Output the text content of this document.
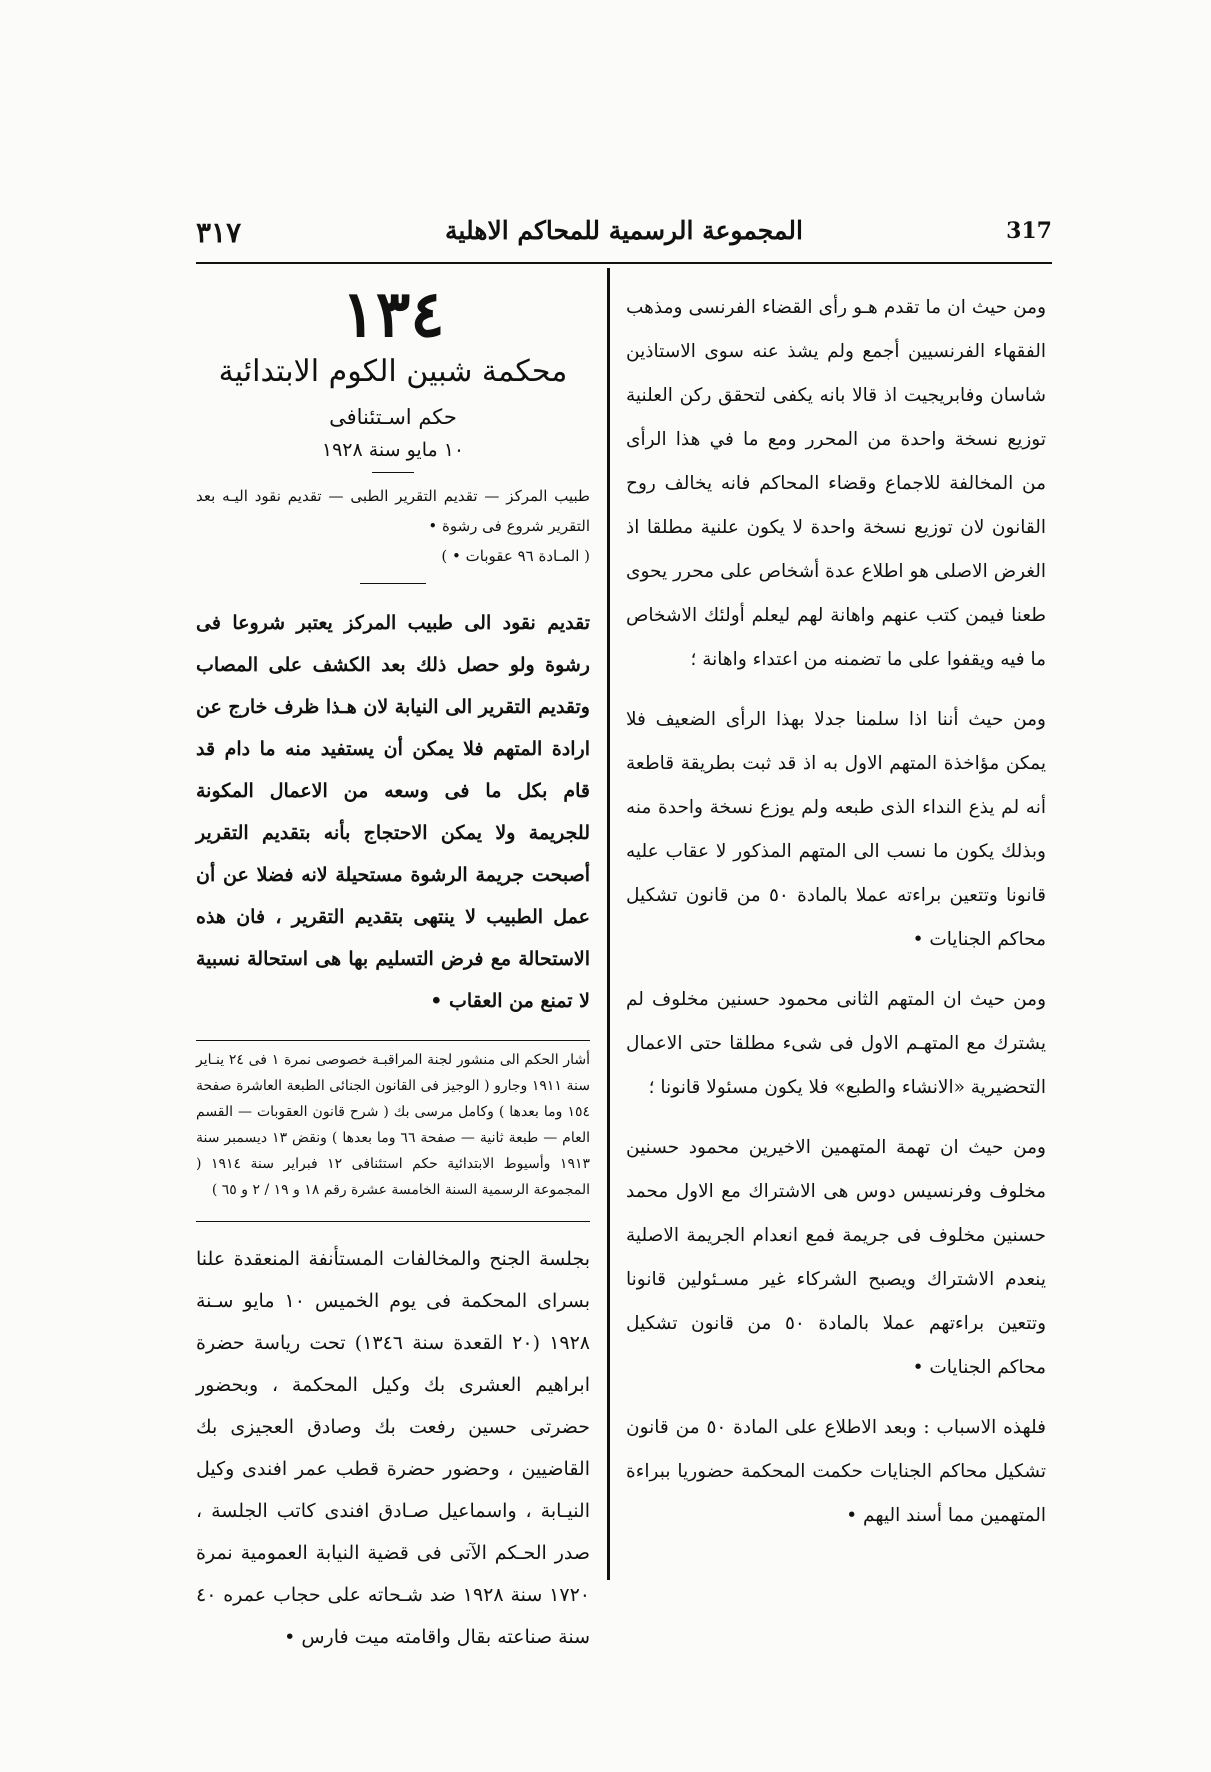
٣١٧	المجموعة الرسمية للمحاكم الاهلية	317

ومن حيث ان ما تقدم هـو رأى القضاء الفرنسى ومذهب الفقهاء الفرنسيين أجمع ولم يشذ عنه سوى الاستاذين شاسان وفابريجيت اذ قالا بانه يكفى لتحقق ركن العلنية توزيع نسخة واحدة من المحرر ومع ما في هذا الرأى من المخالفة للاجماع وقضاء المحاكم فانه يخالف روح القانون لان توزيع نسخة واحدة لا يكون علنية مطلقا اذ الغرض الاصلى هو اطلاع عدة أشخاص على محرر يحوى طعنا فيمن كتب عنهم واهانة لهم ليعلم أولئك الاشخاص ما فيه ويقفوا على ما تضمنه من اعتداء واهانة ؛

ومن حيث أننا اذا سلمنا جدلا بهذا الرأى الضعيف فلا يمكن مؤاخذة المتهم الاول به اذ قد ثبت بطريقة قاطعة أنه لم يذع النداء الذى طبعه ولم يوزع نسخة واحدة منه وبذلك يكون ما نسب الى المتهم المذكور لا عقاب عليه قانونا وتتعين براءته عملا بالمادة ٥٠ من قانون تشكيل محاكم الجنايات •

ومن حيث ان المتهم الثانى محمود حسنين مخلوف لم يشترك مع المتهـم الاول فى شىء مطلقا حتى الاعمال التحضيرية «الانشاء والطبع» فلا يكون مسئولا قانونا ؛

ومن حيث ان تهمة المتهمين الاخيرين محمود حسنين مخلوف وفرنسيس دوس هى الاشتراك مع الاول محمد حسنين مخلوف فى جريمة فمع انعدام الجريمة الاصلية ينعدم الاشتراك ويصبح الشركاء غير مسـئولين قانونا وتتعين براءتهم عملا بالمادة ٥٠ من قانون تشكيل محاكم الجنايات •

فلهذه الاسباب : وبعد الاطلاع على المادة ٥٠ من قانون تشكيل محاكم الجنايات حكمت المحكمة حضوريا ببراءة المتهمين مما أسند اليهم •

١٣٤
محكمة شبين الكوم الابتدائية
حكم اسـتئنافى
١٠ مايو سنة ١٩٢٨

طبيب المركز — تقديم التقرير الطبى — تقديم نقود اليـه بعد التقرير شروع فى رشوة •
( المـادة ٩٦ عقوبات • )

تقديم نقود الى طبيب المركز يعتبر شروعا فى رشوة ولو حصل ذلك بعد الكشف على المصاب وتقديم التقرير الى النيابة لان هـذا ظرف خارج عن ارادة المتهم فلا يمكن أن يستفيد منه ما دام قد قام بكل ما فى وسعه من الاعمال المكونة للجريمة ولا يمكن الاحتجاج بأنه بتقديم التقرير أصبحت جريمة الرشوة مستحيلة لانه فضلا عن أن عمل الطبيب لا ينتهى بتقديم التقرير ، فان هذه الاستحالة مع فرض التسليم بها هى استحالة نسبية لا تمنع من العقاب •

أشار الحكم الى منشور لجنة المراقبـة خصوصى نمرة ١ فى ٢٤ ينـاير سنة ١٩١١ وجارو ( الوجيز فى القانون الجنائى الطبعة العاشرة صفحة ١٥٤ وما بعدها ) وكامل مرسى بك ( شرح قانون العقوبات — القسم العام — طبعة ثانية — صفحة ٦٦ وما بعدها ) ونقض ١٣ ديسمبر سنة ١٩١٣ وأسيوط الابتدائية حكم استئنافى ١٢ فبراير سنة ١٩١٤ ( المجموعة الرسمية السنة الخامسة عشرة رقم ١٨ و ١٩ / ٢ و ٦٥ )

بجلسة الجنح والمخالفات المستأنفة المنعقدة علنا بسراى المحكمة فى يوم الخميس ١٠ مايو سـنة ١٩٢٨ (٢٠ القعدة سنة ١٣٤٦) تحت رياسة حضرة ابراهيم العشرى بك وكيل المحكمة ، وبحضور حضرتى حسين رفعت بك وصادق العجيزى بك القاضيين ، وحضور حضرة قطب عمر افندى وكيل النيـابة ، واسماعيل صـادق افندى كاتب الجلسة ، صدر الحـكم الآتى فى قضية النيابة العمومية نمرة ١٧٢٠ سنة ١٩٢٨ ضد شـحاته على حجاب عمره ٤٠ سنة صناعته بقال واقامته ميت فارس •
